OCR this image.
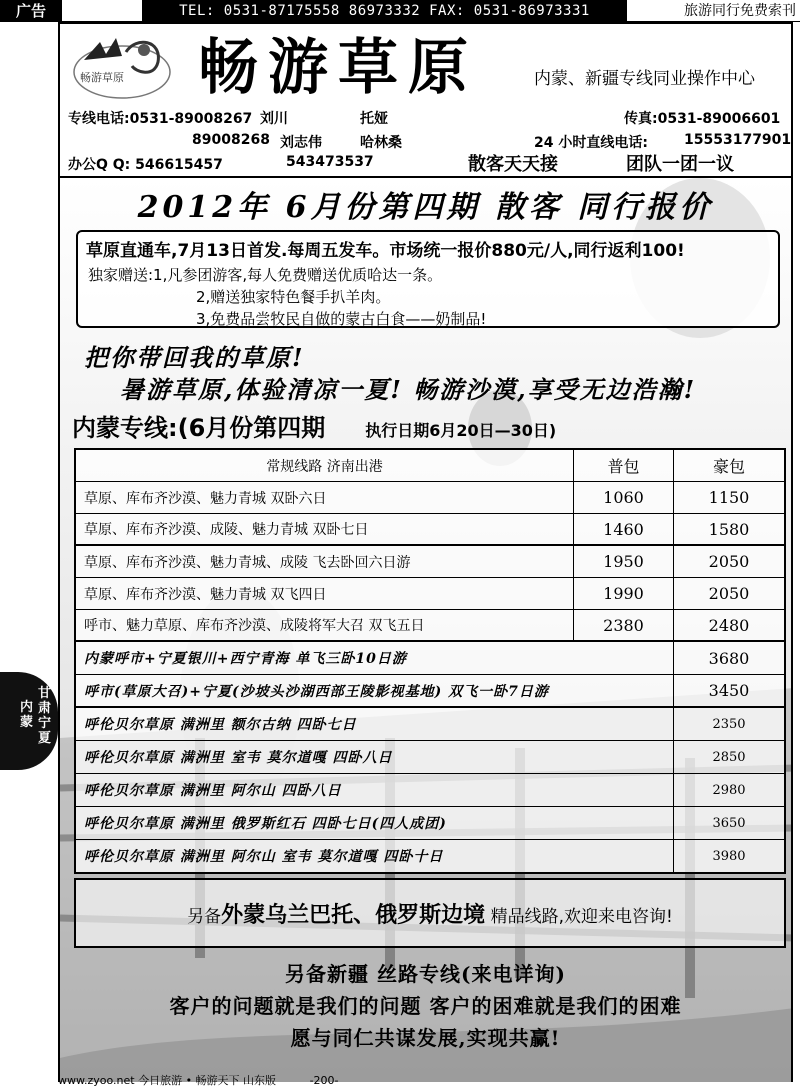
广告	TEL: 0531-87175558 86973332 FAX: 0531-86973331	旅游同行免费索刊
畅游草原 畅游草原	内蒙、新疆专线同业操作中心
专线电话:0531-89008267 刘川	托娅	传真:0531-89006601
89008268 刘志伟	哈林桑	24 小时直线电话:	15553177901
办公Q Q: 546615457	543473537	散客天天接	团队一团一议
2012年 6月份第四期 散客 同行报价
草原直通车,7月13日首发.每周五发车。市场统一报价880元/人,同行返利100!
独家赠送:1,凡参团游客,每人免费赠送优质哈达一条。
2,赠送独家特色餐手扒羊肉。
3,免费品尝牧民自做的蒙古白食——奶制品!
把你带回我的草原!
暑游草原,体验清凉一夏! 畅游沙漠,享受无边浩瀚!
内蒙专线:(6月份第四期	执行日期6月20日—30日)
常规线路 济南出港	普包	豪包
草原、库布齐沙漠、魅力青城 双卧六日	1060	1150
草原、库布齐沙漠、成陵、魅力青城 双卧七日	1460	1580
草原、库布齐沙漠、魅力青城、成陵 飞去卧回六日游	1950	2050
草原、库布齐沙漠、魅力青城 双飞四日	1990	2050
呼市、魅力草原、库布齐沙漠、成陵将军大召 双飞五日	2380	2480
内蒙呼市+宁夏银川+西宁青海 单飞三卧10日游	3680
呼市(草原大召)+宁夏(沙坡头沙湖西部王陵影视基地) 双飞一卧7日游	3450
呼伦贝尔草原 满洲里 额尔古纳 四卧七日	2350
呼伦贝尔草原 满洲里 室韦 莫尔道嘎 四卧八日	2850
呼伦贝尔草原 满洲里 阿尔山 四卧八日	2980
呼伦贝尔草原 满洲里 俄罗斯红石 四卧七日(四人成团)	3650
呼伦贝尔草原 满洲里 阿尔山 室韦 莫尔道嘎 四卧十日	3980
另备外蒙乌兰巴托、俄罗斯边境 精品线路,欢迎来电咨询!
另备新疆 丝路专线(来电详询)
客户的问题就是我们的问题 客户的困难就是我们的困难
愿与同仁共谋发展,实现共赢!
甘肃宁夏
内蒙
www.zyoo.net 今日旅游 • 畅游天下 山东版	-200-
